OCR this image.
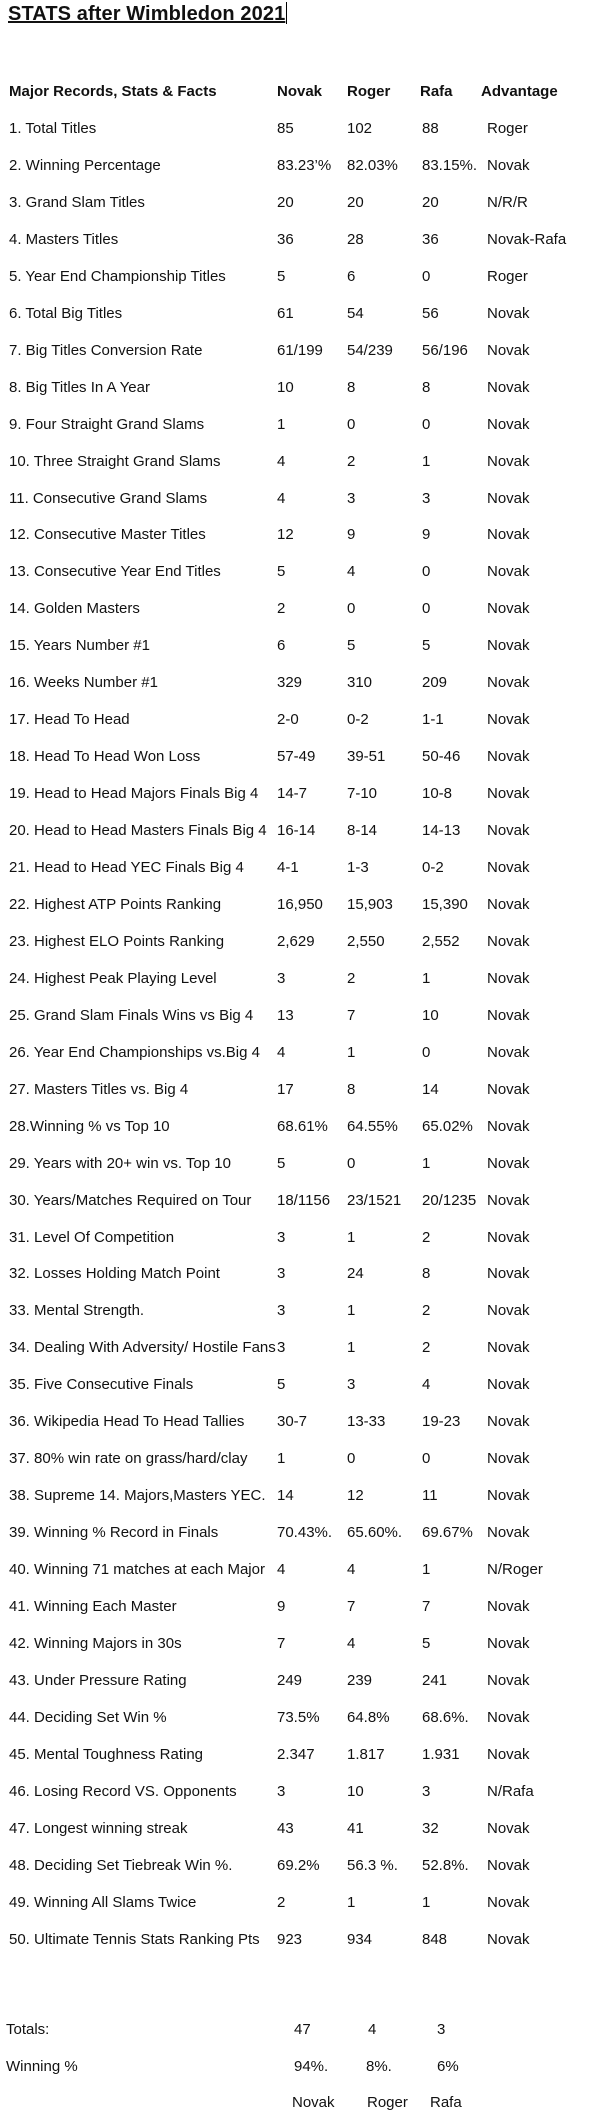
STATS after Wimbledon 2021
Major Records, Stats & Facts	Novak Roger Rafa Advantage
1. Total Titles	85	102	88	Roger
2. Winning Percentage	83.23’% 82.03% 83.15%. Novak
3. Grand Slam Titles	20	20	20	N/R/R
4. Masters Titles	36	28	36	Novak-Rafa
5. Year End Championship Titles	5	6	0	Roger
6. Total Big Titles	61	54	56	Novak
7. Big Titles Conversion Rate	61/199 54/239 56/196 Novak
8. Big Titles In A Year	10	8	8	Novak
9. Four Straight Grand Slams	1	0	0	Novak
10. Three Straight Grand Slams	4	2	1	Novak
11. Consecutive Grand Slams	4	3	3	Novak
12. Consecutive Master Titles	12	9	9	Novak
13. Consecutive Year End Titles	5	4	0	Novak
14. Golden Masters	2	0	0	Novak
15. Years Number #1	6	5	5	Novak
16. Weeks Number #1	329	310	209	Novak
17. Head To Head	2-0	0-2	1-1	Novak
18. Head To Head Won Loss	57-49 39-51 50-46 Novak
19. Head to Head Majors Finals Big 4 14-7	7-10	10-8 Novak
20. Head to Head Masters Finals Big 4 16-14 8-14	14-13 Novak
21. Head to Head YEC Finals Big 4 4-1	1-3	0-2	Novak
22. Highest ATP Points Ranking	16,950 15,903 15,390 Novak
23. Highest ELO Points Ranking	2,629 2,550 2,552 Novak
24. Highest Peak Playing Level	3	2	1	Novak
25. Grand Slam Finals Wins vs Big 4 13	7	10	Novak
26. Year End Championships vs.Big 4 4	1	0	Novak
27. Masters Titles vs. Big 4	17	8	14	Novak
28.Winning % vs Top 10	68.61% 64.55% 65.02% Novak
29. Years with 20+ win vs. Top 10	5	0	1	Novak
30. Years/Matches Required on Tour 18/1156 23/1521 20/1235 Novak
31. Level Of Competition	3	1	2	Novak
32. Losses Holding Match Point	3	24	8	Novak
33. Mental Strength.	3	1	2	Novak
34. Dealing With Adversity/ Hostile Fans 3	1	2	Novak
35. Five Consecutive Finals	5	3	4	Novak
36. Wikipedia Head To Head Tallies 30-7	13-33 19-23 Novak
37. 80% win rate on grass/hard/clay 1	0	0	Novak
38. Supreme 14. Majors,Masters YEC. 14	12	11	Novak
39. Winning % Record in Finals	70.43%. 65.60%. 69.67% Novak
40. Winning 71 matches at each Major 4	4	1	N/Roger
41. Winning Each Master	9	7	7	Novak
42. Winning Majors in 30s	7	4	5	Novak
43. Under Pressure Rating	249	239	241	Novak
44. Deciding Set Win %	73.5% 64.8% 68.6%. Novak
45. Mental Toughness Rating	2.347 1.817 1.931 Novak
46. Losing Record VS. Opponents	3	10	3	N/Rafa
47. Longest winning streak	43	41	32	Novak
48. Deciding Set Tiebreak Win %.	69.2% 56.3 %. 52.8%. Novak
49. Winning All Slams Twice	2	1	1	Novak
50. Ultimate Tennis Stats Ranking Pts 923	934	848	Novak
Totals:	47	4	3
Winning %	94%.	8%.	6%
Novak Roger Rafa
